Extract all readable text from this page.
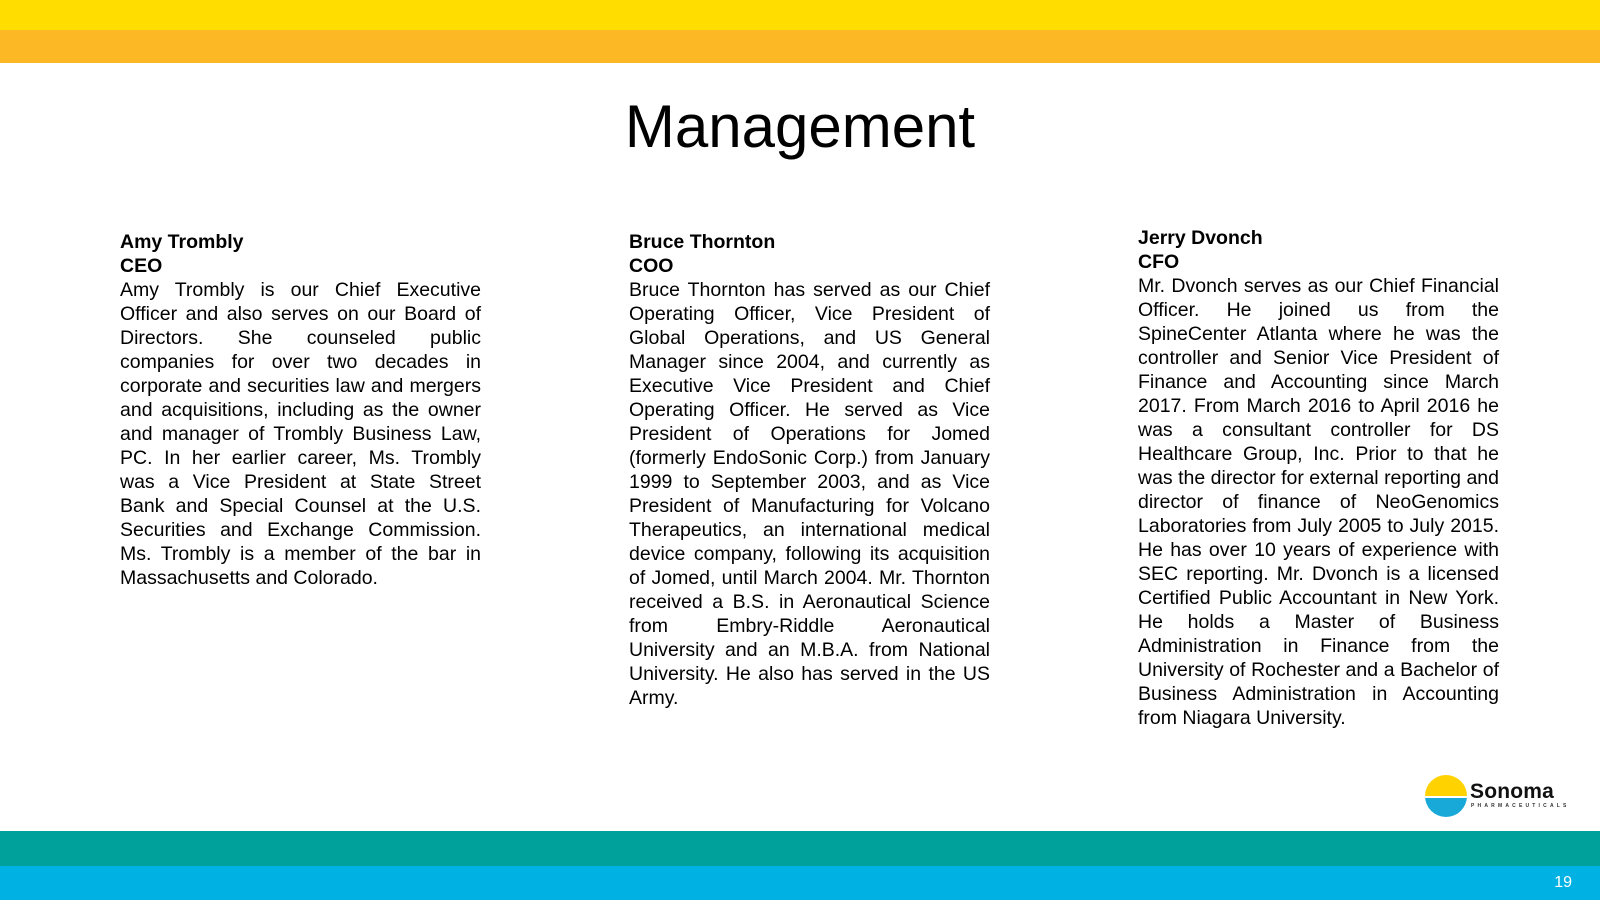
Management
Amy Trombly
CEO
Amy Trombly is our Chief Executive Officer and also serves on our Board of Directors. She counseled public companies for over two decades in corporate and securities law and mergers and acquisitions, including as the owner and manager of Trombly Business Law, PC. In her earlier career, Ms. Trombly was a Vice President at State Street Bank and Special Counsel at the U.S. Securities and Exchange Commission. Ms. Trombly is a member of the bar in Massachusetts and Colorado.
Bruce Thornton
COO
Bruce Thornton has served as our Chief Operating Officer, Vice President of Global Operations, and US General Manager since 2004, and currently as Executive Vice President and Chief Operating Officer. He served as Vice President of Operations for Jomed (formerly EndoSonic Corp.) from January 1999 to September 2003, and as Vice President of Manufacturing for Volcano Therapeutics, an international medical device company, following its acquisition of Jomed, until March 2004. Mr. Thornton received a B.S. in Aeronautical Science from Embry-Riddle Aeronautical University and an M.B.A. from National University. He also has served in the US Army.
Jerry Dvonch
CFO
Mr. Dvonch serves as our Chief Financial Officer. He joined us from the SpineCenter Atlanta where he was the controller and Senior Vice President of Finance and Accounting since March 2017. From March 2016 to April 2016 he was a consultant controller for DS Healthcare Group, Inc. Prior to that he was the director for external reporting and director of finance of NeoGenomics Laboratories from July 2005 to July 2015. He has over 10 years of experience with SEC reporting. Mr. Dvonch is a licensed Certified Public Accountant in New York. He holds a Master of Business Administration in Finance from the University of Rochester and a Bachelor of Business Administration in Accounting from Niagara University.
Sonoma
PHARMACEUTICALS
19
